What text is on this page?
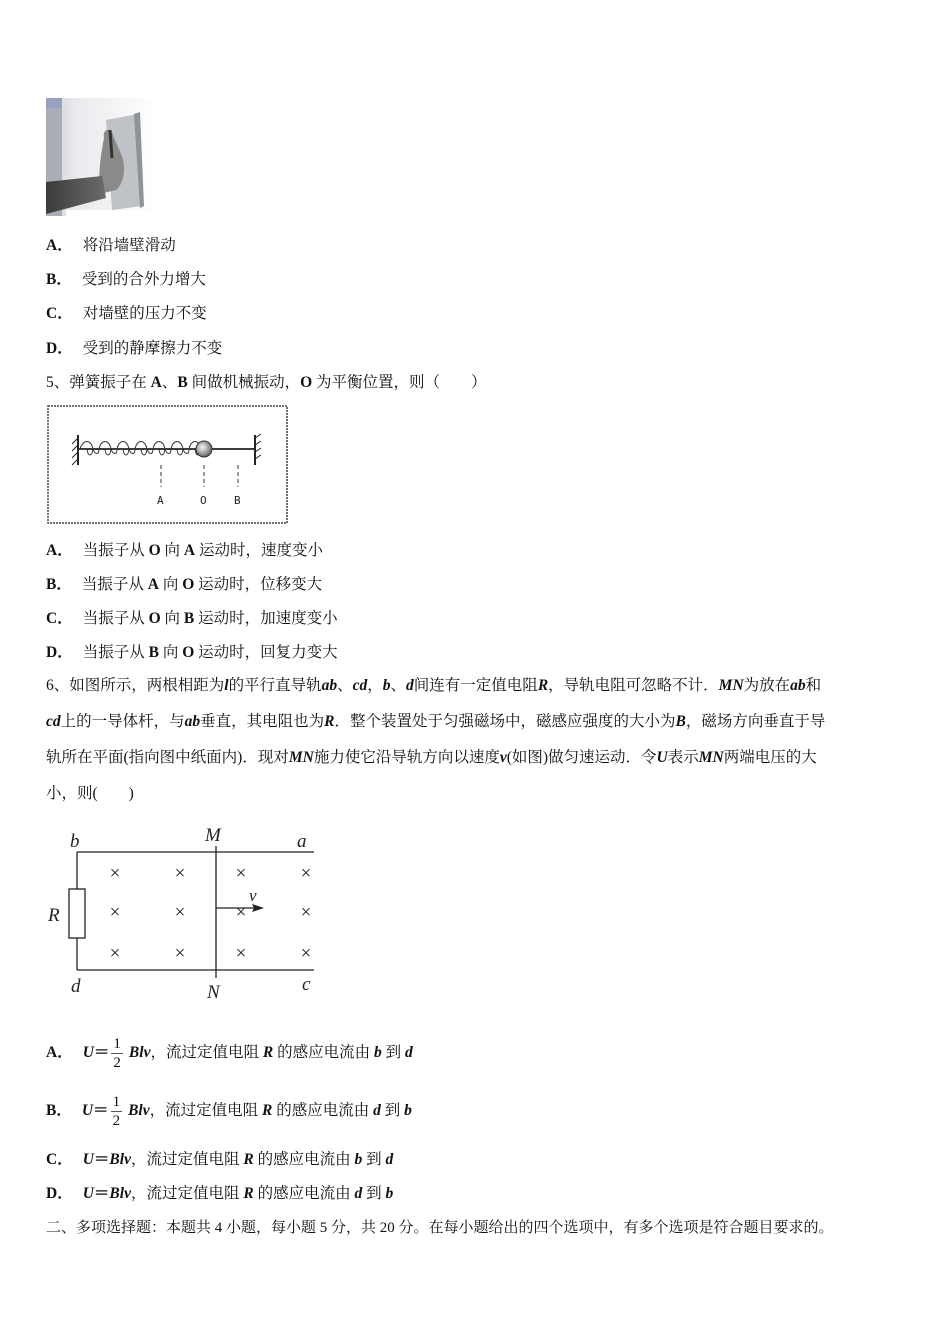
A． 将沿墙壁滑动
B． 受到的合外力增大
C． 对墙壁的压力不变
D． 受到的静摩擦力不变
5、弹簧振子在 A、B 间做机械振动，O 为平衡位置，则（　　）
A	O B
A． 当振子从 O 向 A 运动时，速度变小
B． 当振子从 A 向 O 运动时，位移变大
C． 当振子从 O 向 B 运动时，加速度变小
D． 当振子从 B 向 O 运动时，回复力变大
6、如图所示，两根相距为l的平行直导轨ab、cd，b、d间连有一定值电阻R，导轨电阻可忽略不计．MN为放在ab和
cd上的一导体杆，与ab垂直，其电阻也为R．整个装置处于匀强磁场中，磁感应强度的大小为B，磁场方向垂直于导
轨所在平面(指向图中纸面内)．现对MN施力使它沿导轨方向以速度v(如图)做匀速运动．令U表示MN两端电压的大
小，则(　　)
×	×	×	×
×	×	×	×
×	×	×	×
b	a
d	c
M
N
R
v
A． $U= \frac{1}{2}$ Blv，流过定值电阻 R 的感应电流由 b 到 d
B． $U= \frac{1}{2}$ Blv，流过定值电阻 R 的感应电流由 d 到 b
C． U＝Blv，流过定值电阻 R 的感应电流由 b 到 d
D． U＝Blv，流过定值电阻 R 的感应电流由 d 到 b
二、多项选择题：本题共 4 小题，每小题 5 分，共 20 分。在每小题给出的四个选项中，有多个选项是符合题目要求的。
